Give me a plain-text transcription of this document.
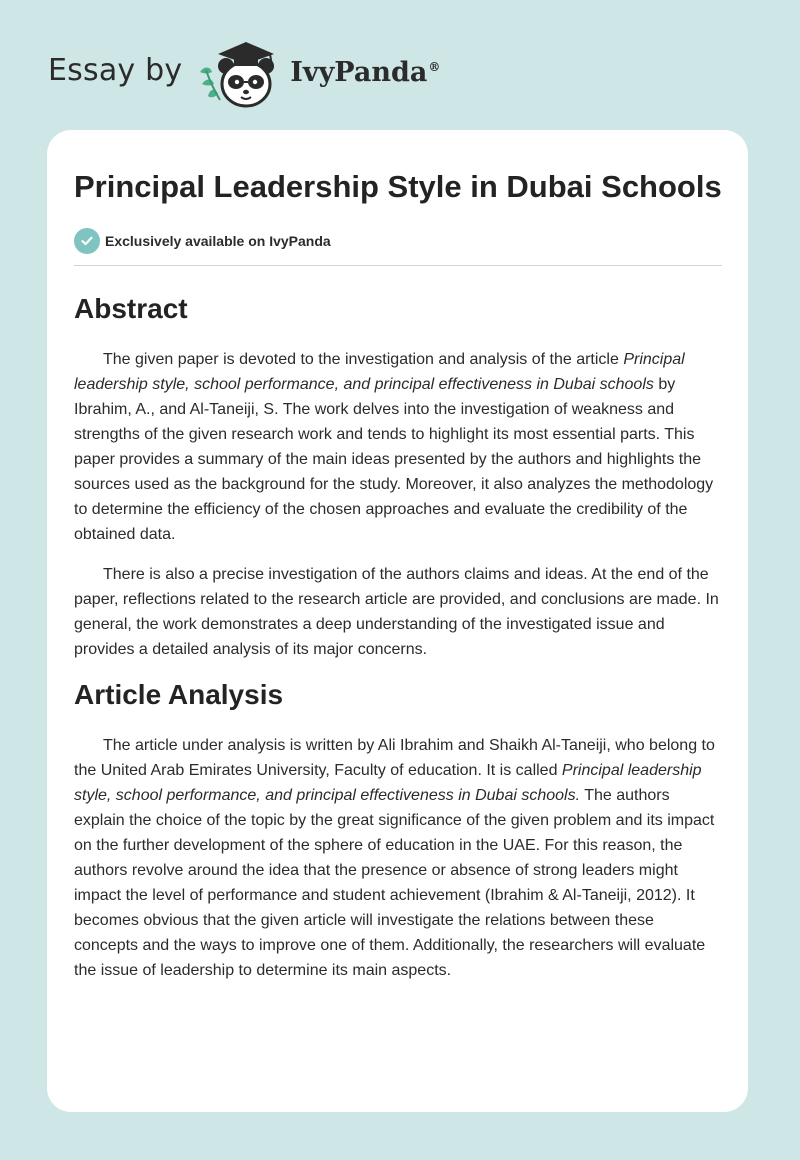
Essay by	IvyPanda®
Principal Leadership Style in Dubai Schools
Exclusively available on IvyPanda
Abstract

The given paper is devoted to the investigation and analysis of the article Principal leadership style, school performance, and principal effectiveness in Dubai schools by Ibrahim, A., and Al-Taneiji, S. The work delves into the investigation of weakness and strengths of the given research work and tends to highlight its most essential parts. This paper provides a summary of the main ideas presented by the authors and highlights the sources used as the background for the study. Moreover, it also analyzes the methodology to determine the efficiency of the chosen approaches and evaluate the credibility of the obtained data.

There is also a precise investigation of the authors claims and ideas. At the end of the paper, reflections related to the research article are provided, and conclusions are made. In general, the work demonstrates a deep understanding of the investigated issue and provides a detailed analysis of its major concerns.

Article Analysis

The article under analysis is written by Ali Ibrahim and Shaikh Al-Taneiji, who belong to the United Arab Emirates University, Faculty of education. It is called Principal leadership style, school performance, and principal effectiveness in Dubai schools. The authors explain the choice of the topic by the great significance of the given problem and its impact on the further development of the sphere of education in the UAE. For this reason, the authors revolve around the idea that the presence or absence of strong leaders might impact the level of performance and student achievement (Ibrahim & Al-Taneiji, 2012). It becomes obvious that the given article will investigate the relations between these concepts and the ways to improve one of them. Additionally, the researchers will evaluate the issue of leadership to determine its main aspects.
